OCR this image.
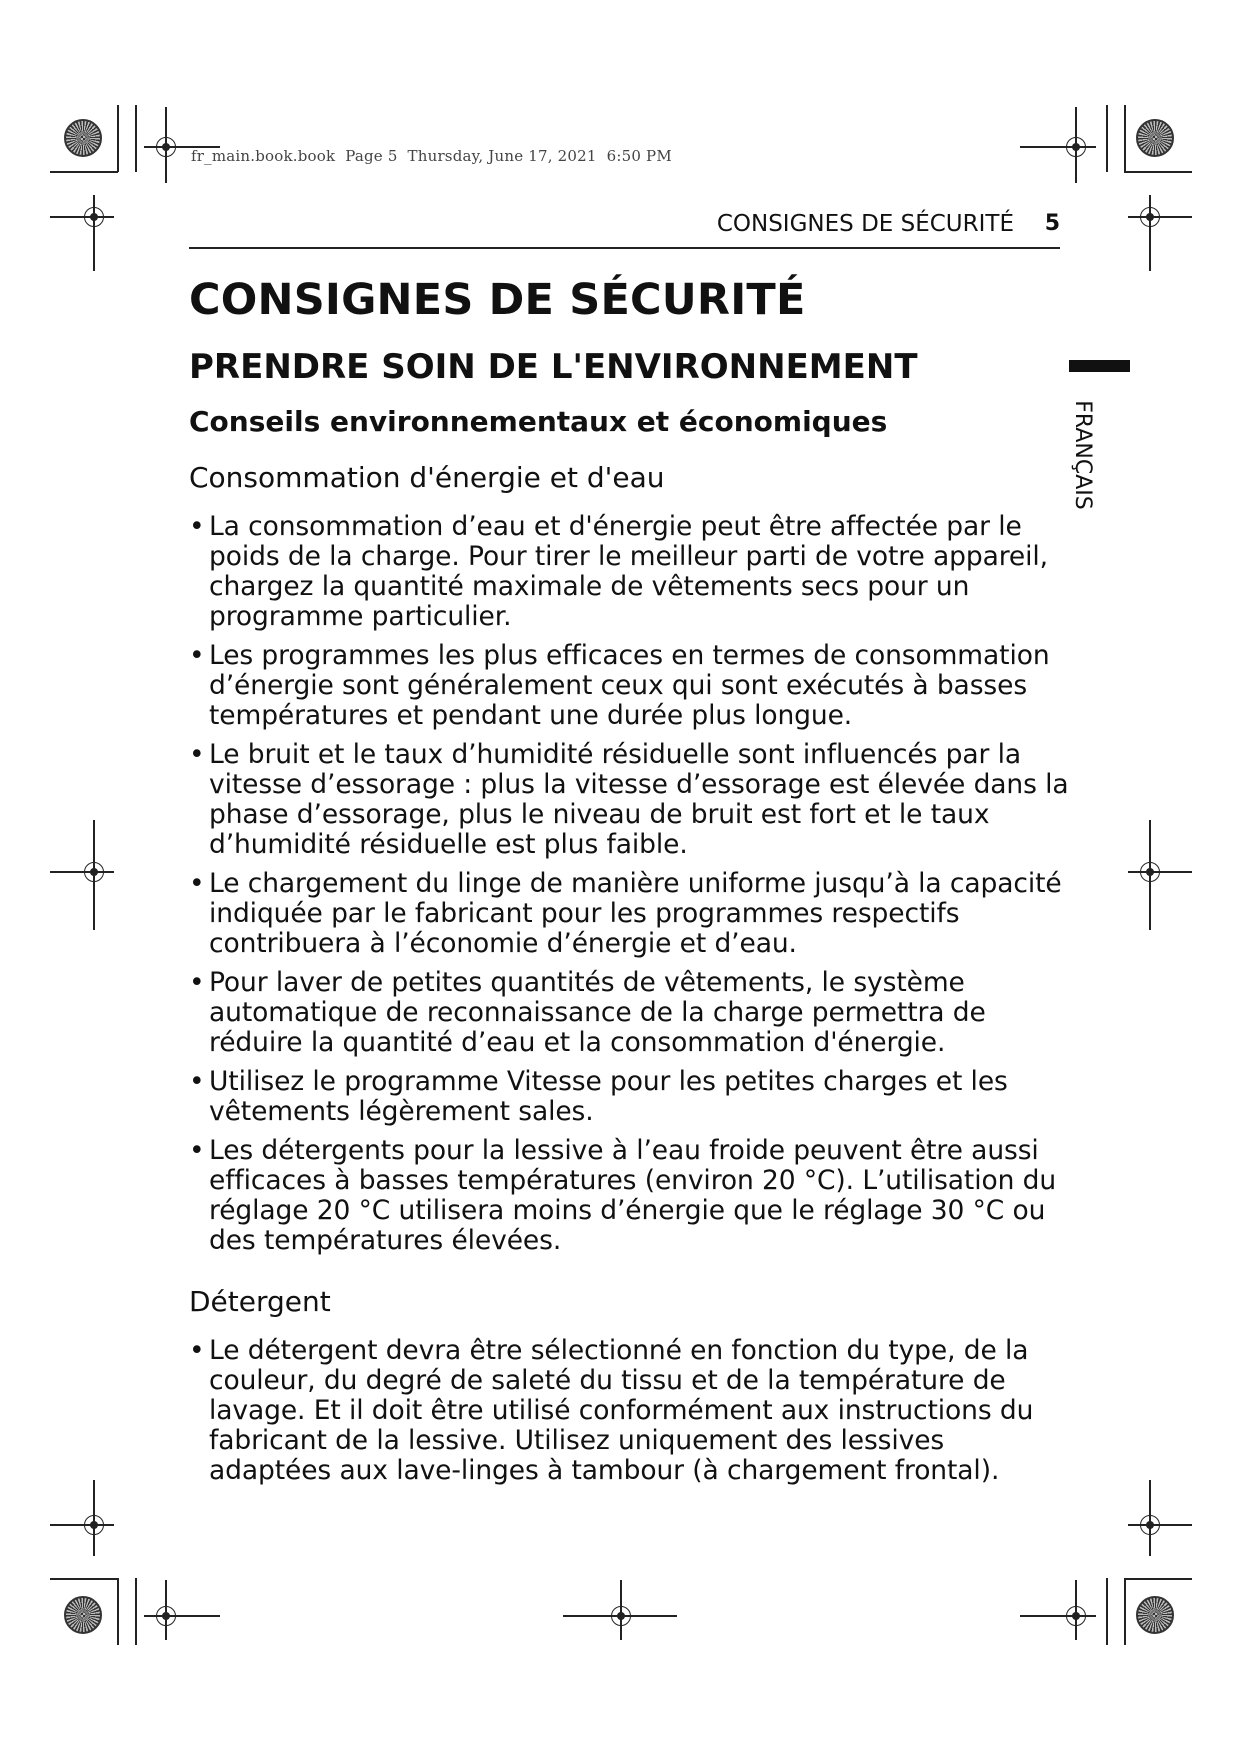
fr_main.book.book  Page 5  Thursday, June 17, 2021  6:50 PM
CONSIGNES DE SÉCURITÉ 5
FRANÇAIS
CONSIGNES DE SÉCURITÉ
PRENDRE SOIN DE L'ENVIRONNEMENT
Conseils environnementaux et économiques
Consommation d'énergie et d'eau
• La consommation d’eau et d'énergie peut être affectée par le poids de la charge. Pour tirer le meilleur parti de votre appareil, chargez la quantité maximale de vêtements secs pour un programme particulier.
• Les programmes les plus efficaces en termes de consommation d’énergie sont généralement ceux qui sont exécutés à basses températures et pendant une durée plus longue.
• Le bruit et le taux d’humidité résiduelle sont influencés par la vitesse d’essorage : plus la vitesse d’essorage est élevée dans la phase d’essorage, plus le niveau de bruit est fort et le taux d’humidité résiduelle est plus faible.
• Le chargement du linge de manière uniforme jusqu’à la capacité indiquée par le fabricant pour les programmes respectifs contribuera à l’économie d’énergie et d’eau.
• Pour laver de petites quantités de vêtements, le système automatique de reconnaissance de la charge permettra de réduire la quantité d’eau et la consommation d'énergie.
• Utilisez le programme Vitesse pour les petites charges et les vêtements légèrement sales.
• Les détergents pour la lessive à l’eau froide peuvent être aussi efficaces à basses températures (environ 20 °C). L’utilisation du réglage 20 °C utilisera moins d’énergie que le réglage 30 °C ou des températures élevées.
Détergent
• Le détergent devra être sélectionné en fonction du type, de la couleur, du degré de saleté du tissu et de la température de lavage. Et il doit être utilisé conformément aux instructions du fabricant de la lessive. Utilisez uniquement des lessives adaptées aux lave-linges à tambour (à chargement frontal).
